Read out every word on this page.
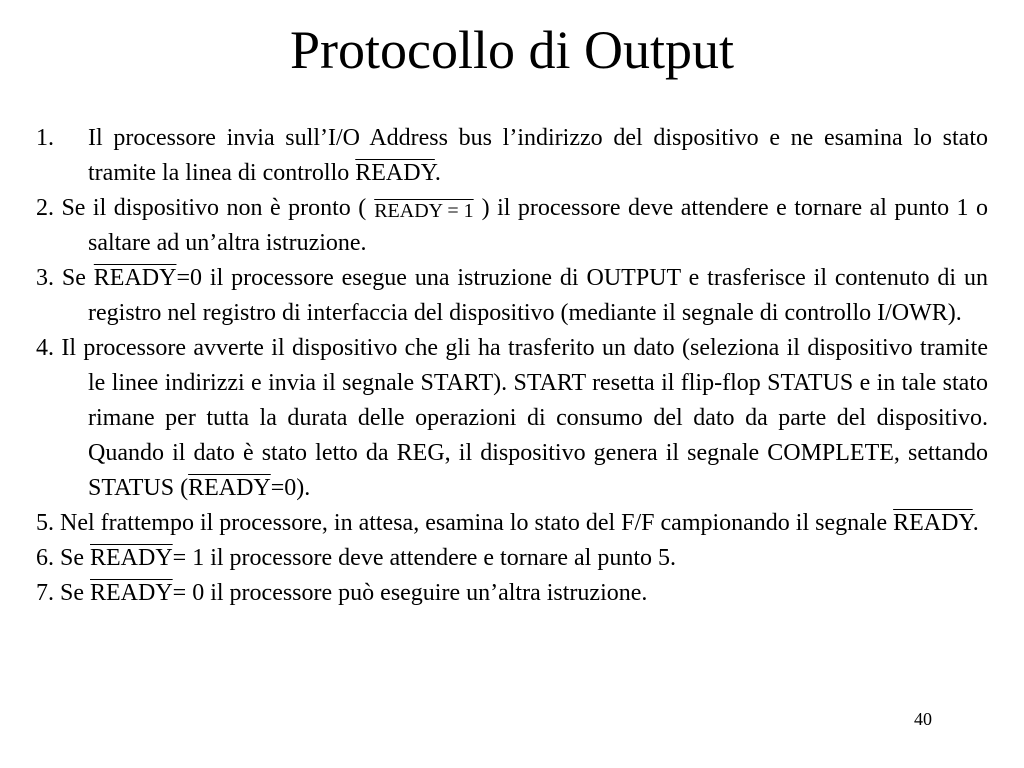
Protocollo di Output

1. Il processore invia sull’I/O Address bus l’indirizzo del dispositivo e ne esamina lo stato tramite la linea di controllo READY.

2. Se il dispositivo non è pronto ( READY = 1 ) il processore deve attendere e tornare al punto 1 o saltare ad un’altra istruzione.

3. Se READY=0 il processore esegue una istruzione di OUTPUT e trasferisce il contenuto di un registro nel registro di interfaccia del dispositivo (mediante il segnale di controllo I/OWR).

4. Il processore avverte il dispositivo che gli ha trasferito un dato (seleziona il dispositivo tramite le linee indirizzi e invia il segnale START). START resetta il flip-flop STATUS e in tale stato rimane per tutta la durata delle operazioni di consumo del dato da parte del dispositivo. Quando il dato è stato letto da REG, il dispositivo genera il segnale COMPLETE, settando STATUS (READY=0).

5. Nel frattempo il processore, in attesa, esamina lo stato del F/F campionando il segnale READY.

6. Se READY= 1 il processore deve attendere e tornare al punto 5.

7. Se READY= 0 il processore può eseguire un’altra istruzione.

40
